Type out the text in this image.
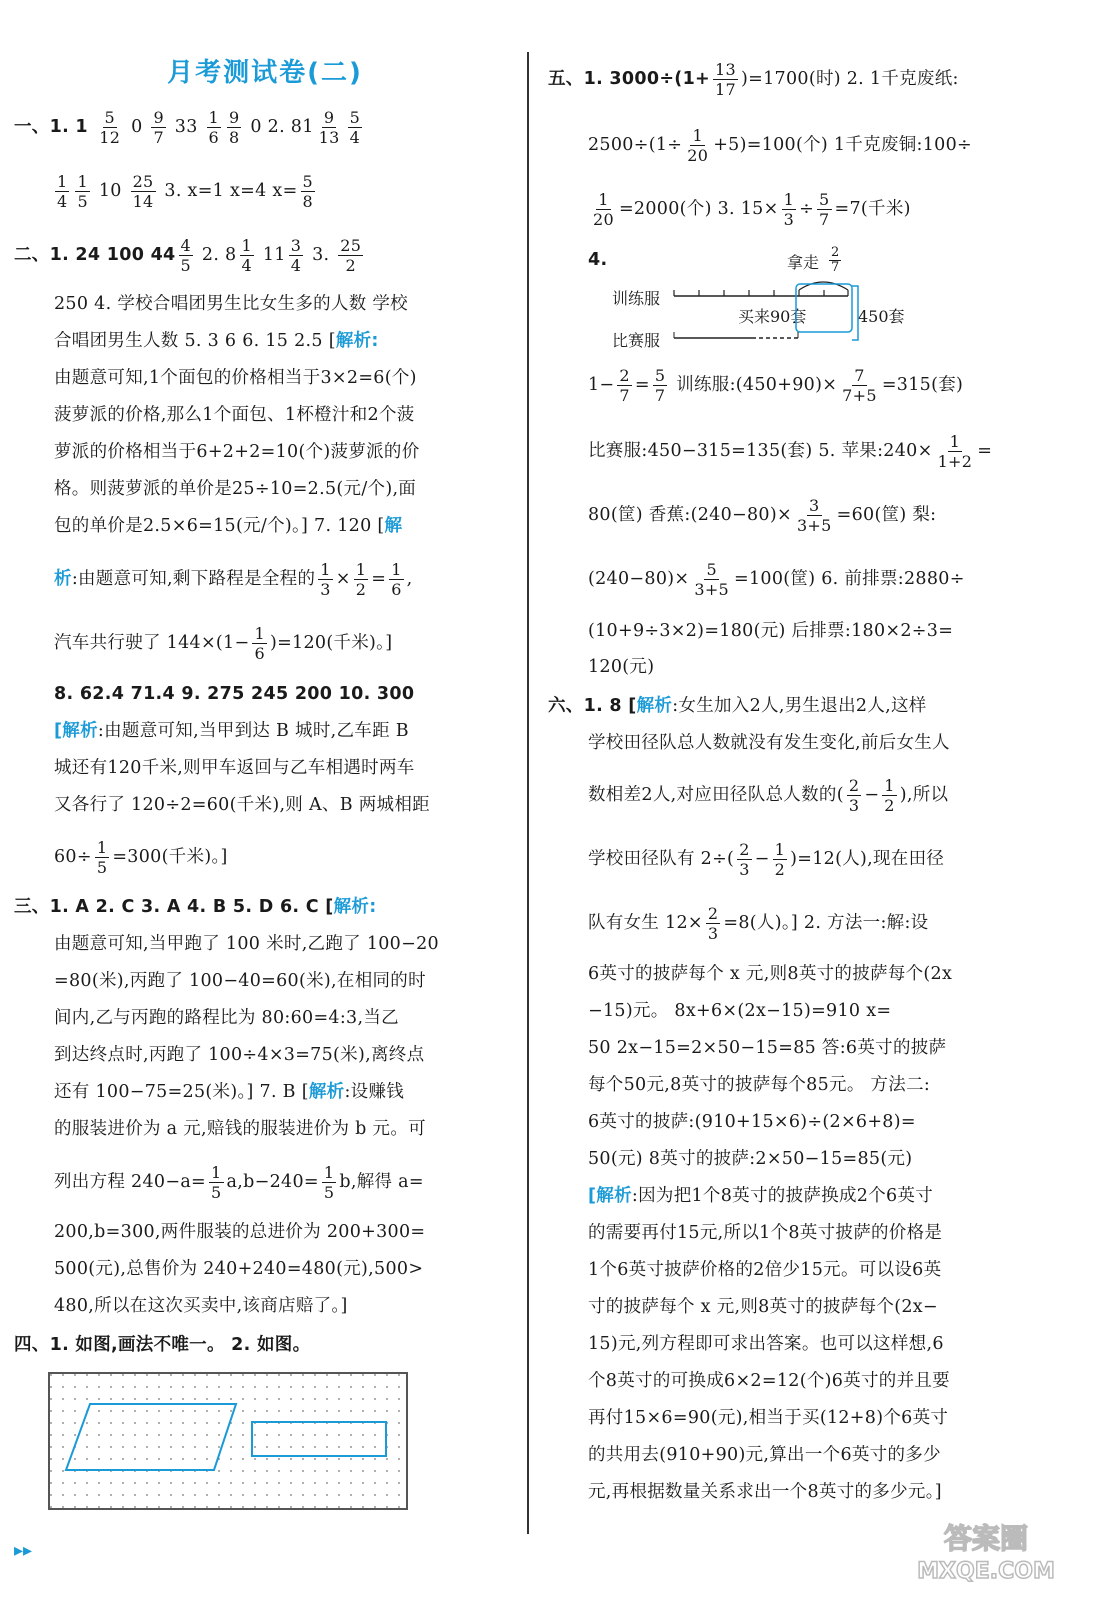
月考测试卷(二)
一、1. $1 \frac{5}{12} 0 \frac{9}{7} 33 \frac{1}{6} \frac{9}{8} 0$ 2. $81 \frac{9}{13} \frac{5}{4}$
$\frac{1}{4} \frac{1}{5} 10 \frac{25}{14} 3$. x=1 x=4 $x= \frac{5}{8}$
二、1. 24 100 $44 \frac{4}{5} 2$. $8 \frac{1}{4} 11 \frac{3}{4} 3$. $\frac{25}{2}$
250 4. 学校合唱团男生比女生多的人数 学校
合唱团男生人数 5. 3 6 6. 15 2.5 [解析:
由题意可知,1个面包的价格相当于3×2=6(个)
菠萝派的价格,那么1个面包、1杯橙汁和2个菠
萝派的价格相当于6+2+2=10(个)菠萝派的价
格。则菠萝派的单价是25÷10=2.5(元/个),面
包的单价是2.5×6=15(元/个)。] 7. 120 [解
析:由题意可知,剩下路程是全程的 $\frac{1}{3} \times \frac{1}{2} = \frac{1}{6}$ ,
汽车共行驶了 $144\times(1- \frac{1}{6} )=120$(千米)。]
8. 62.4 71.4 9. 275 245 200 10. 300
[解析:由题意可知,当甲到达 B 城时,乙车距 B
城还有120千米,则甲车返回与乙车相遇时两车
又各行了 120÷2=60(千米),则 A、B 两城相距
$60\div \frac{1}{5} =300$(千米)。]
三、1. A 2. C 3. A 4. B 5. D 6. C [解析:
由题意可知,当甲跑了 100 米时,乙跑了 100−20
=80(米),丙跑了 100−40=60(米),在相同的时
间内,乙与丙跑的路程比为 80:60=4:3,当乙
到达终点时,丙跑了 100÷4×3=75(米),离终点
还有 100−75=25(米)。] 7. B [解析:设赚钱
的服装进价为 a 元,赔钱的服装进价为 b 元。可
列出方程 $240-a= \frac{1}{5} a,b-240= \frac{1}{5} b$,解得 a=
200,b=300,两件服装的总进价为 200+300=
500(元),总售价为 240+240=480(元),500>
480,所以在这次买卖中,该商店赔了。]
四、1. 如图,画法不唯一。 2. 如图。
五、1. $3000\div(1+ \frac{13}{17} )=1700$(时) 2. 1千克废纸:
$2500\div(1\div \frac{1}{20} +5)=100$(个) 1千克废铜:100÷
$\frac{1}{20} =2000$(个) 3. $15\times \frac{1}{3} \div \frac{5}{7} =7$(千米)
4.	拿走 $\frac{2}{7}$
训练服
买来90套	450套
比赛服
$1- \frac{2}{7} = \frac{5}{7}$ 训练服:(450+90)× $\frac{7}{7+5} =315$(套)
比赛服:450−315=135(套) 5. 苹果:240× $\frac{1}{1+2}$ =
80(筐) 香蕉:(240−80)× $\frac{3}{3+5} =60$(筐) 梨:
$(240-80)\times \frac{5}{3+5} =100$(筐) 6. 前排票:2880÷
(10+9÷3×2)=180(元) 后排票:180×2÷3=
120(元)
六、1. 8 [解析:女生加入2人,男生退出2人,这样
学校田径队总人数就没有发生变化,前后女生人
数相差2人,对应田径队总人数的( $\frac{2}{3} - \frac{1}{2}$ ),所以
学校田径队有 $2\div( \frac{2}{3} - \frac{1}{2} )=12$(人),现在田径
队有女生 $12\times \frac{2}{3} =8$(人)。] 2. 方法一:解:设
6英寸的披萨每个 x 元,则8英寸的披萨每个(2x
−15)元。 8x+6×(2x−15)=910 x=
50 2x−15=2×50−15=85 答:6英寸的披萨
每个50元,8英寸的披萨每个85元。 方法二:
6英寸的披萨:(910+15×6)÷(2×6+8)=
50(元) 8英寸的披萨:2×50−15=85(元)
[解析:因为把1个8英寸的披萨换成2个6英寸
的需要再付15元,所以1个8英寸披萨的价格是
1个6英寸披萨价格的2倍少15元。可以设6英
寸的披萨每个 x 元,则8英寸的披萨每个(2x−
15)元,列方程即可求出答案。也可以这样想,6
个8英寸的可换成6×2=12(个)6英寸的并且要
再付15×6=90(元),相当于买(12+8)个6英寸
的共用去(910+90)元,算出一个6英寸的多少
元,再根据数量关系求出一个8英寸的多少元。]
▸▸	答案圈
MXQE.COM
